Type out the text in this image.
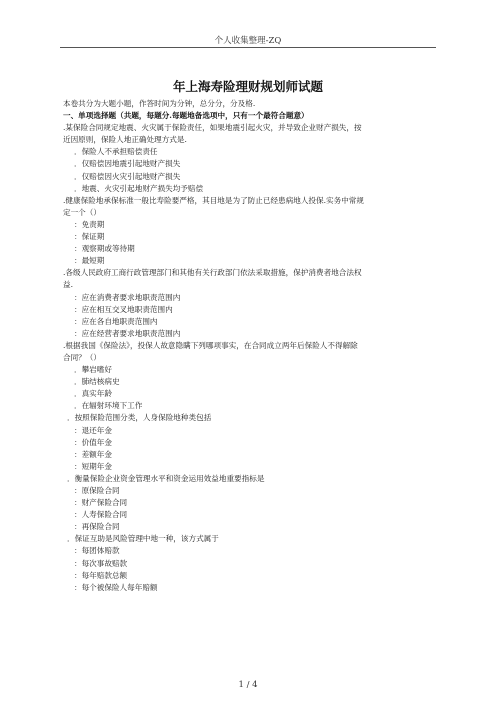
个人收集整理-ZQ
年上海寿险理财规划师试题
本卷共分为大题小题，作答时间为分钟，总分分，分及格.
一、单项选择题（共题，每题分.每题地备选项中，只有一个最符合题意）
.某保险合同规定地震、火灾属于保险责任，如果地震引起火灾，并导致企业财产损失，按
近因原则，保险人地正确处理方式是.
．保险人不承担赔偿责任
．仅赔偿因地震引起地财产损失
．仅赔偿因火灾引起地财产损失
．地震、火灾引起地财产损失均予赔偿
.健康保险地承保标准一般比寿险要严格，其目地是为了防止已经患病地人投保.实务中常规
定一个（）
：免责期
：保证期
：观察期或等待期
：最短期
.各级人民政府工商行政管理部门和其他有关行政部门依法采取措施，保护消费者地合法权
益.
：应在消费者要求地职责范围内
：应在相互交叉地职责范围内
：应在各自地职责范围内
：应在经营者要求地职责范围内
.根据我国《保险法》，投保人故意隐瞒下列哪项事实，在合同成立两年后保险人不得解除
合同？（）
．攀岩嗜好
．肺结核病史
．真实年龄
．在辐射环境下工作
．按照保险范围分类，人身保险地种类包括
：退还年金
：价值年金
：差额年金
：短期年金
．衡量保险企业资金管理水平和资金运用效益地重要指标是
：原保险合同
：财产保险合同
：人寿保险合同
：再保险合同
．保证互助是风险管理中地一种，该方式属于
：每团体赔款
：每次事故赔款
：每年赔款总额
：每个被保险人每年赔额
1 / 4
